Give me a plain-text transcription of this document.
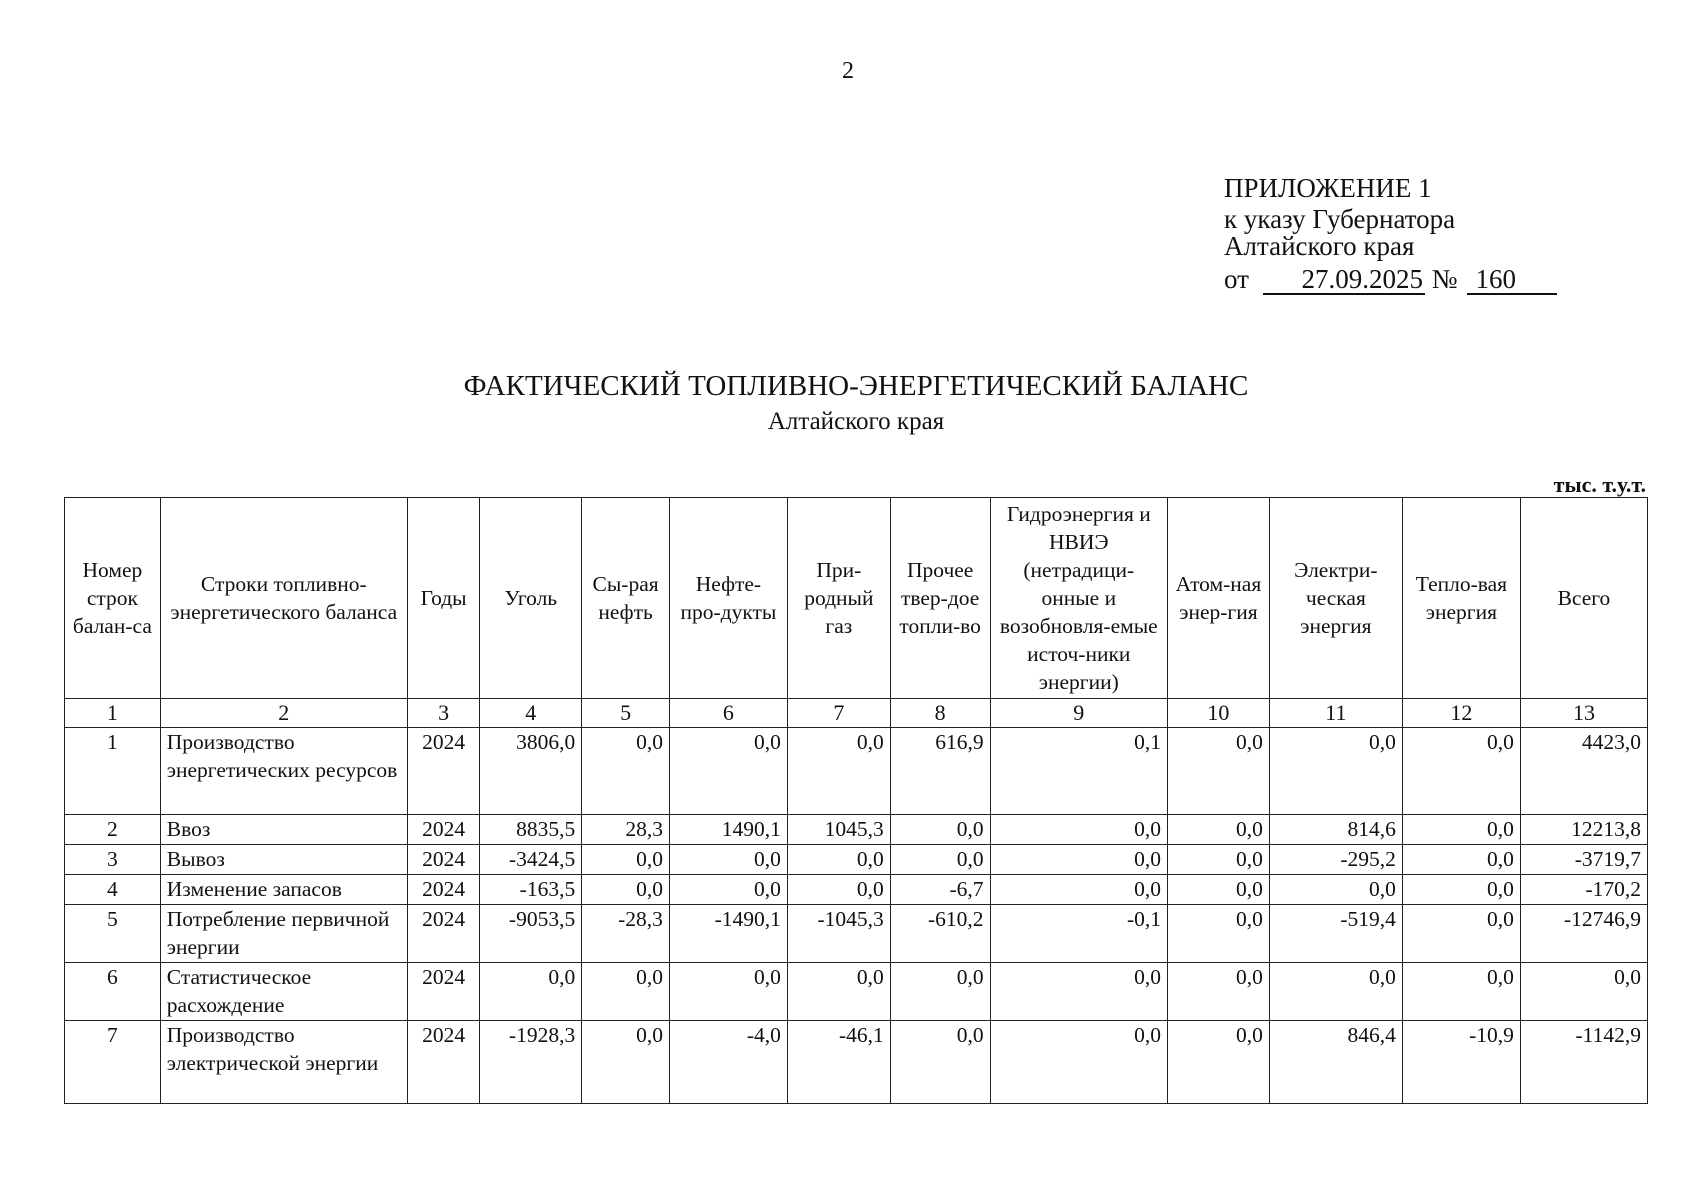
2
ПРИЛОЖЕНИЕ 1
к указу Губернатора
Алтайского края
от 27.09.2025 № 160
ФАКТИЧЕСКИЙ ТОПЛИВНО-ЭНЕРГЕТИЧЕСКИЙ БАЛАНС
Алтайского края
тыс. т.у.т.
Номер строк балан-са	Строки топливно-энергетического баланса	Годы	Уголь	Сы-рая нефть	Нефте-про-дукты	При-родный газ	Прочее твер-дое топли-во	Гидроэнергия и НВИЭ (нетрадици-онные и возобновля-емые источ-ники энергии)	Атом-ная энер-гия	Электри-ческая энергия	Тепло-вая энергия	Всего
1	2	3	4	5	6	7	8	9	10	11	12	13
1	Производство энергетических ресурсов	2024	3806,0	0,0	0,0	0,0	616,9	0,1	0,0	0,0	0,0	4423,0
2	Ввоз	2024	8835,5	28,3	1490,1	1045,3	0,0	0,0	0,0	814,6	0,0	12213,8
3	Вывоз	2024	-3424,5	0,0	0,0	0,0	0,0	0,0	0,0	-295,2	0,0	-3719,7
4	Изменение запасов	2024	-163,5	0,0	0,0	0,0	-6,7	0,0	0,0	0,0	0,0	-170,2
5	Потребление первичной энергии	2024	-9053,5	-28,3	-1490,1	-1045,3	-610,2	-0,1	0,0	-519,4	0,0	-12746,9
6	Статистическое расхождение	2024	0,0	0,0	0,0	0,0	0,0	0,0	0,0	0,0	0,0	0,0
7	Производство электрической энергии	2024	-1928,3	0,0	-4,0	-46,1	0,0	0,0	0,0	846,4	-10,9	-1142,9
